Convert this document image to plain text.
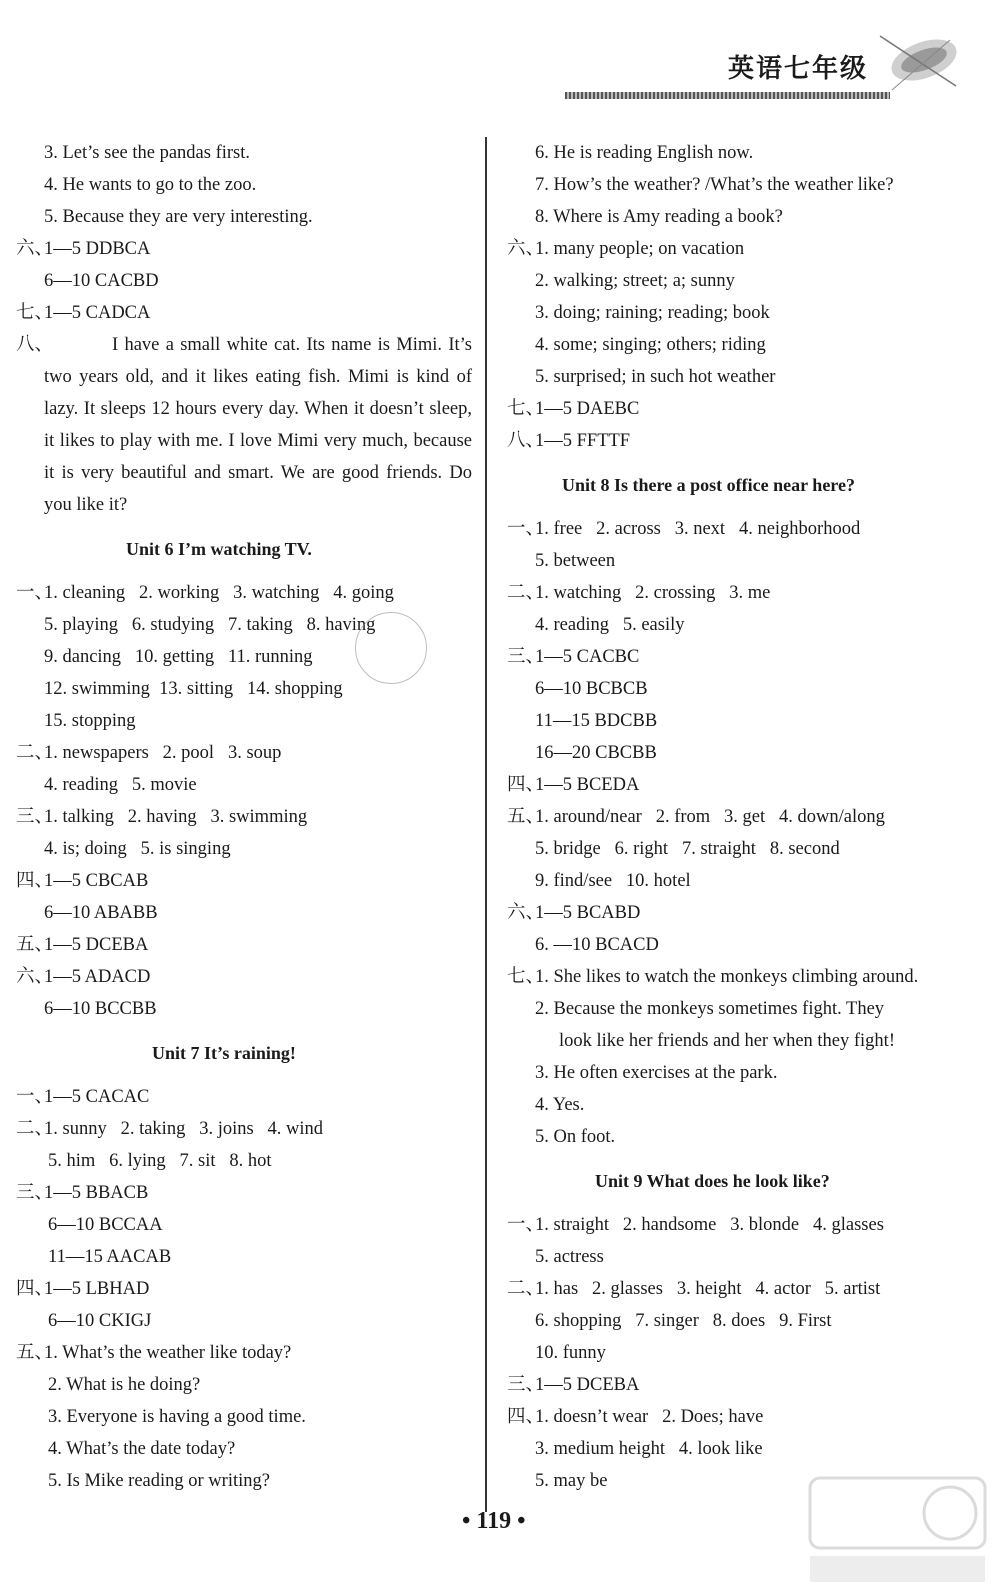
英语七年级
3. Let’s see the pandas first.
4. He wants to go to the zoo.
5. Because they are very interesting.
六、
1—5 DDBCA
6—10 CACBD
七、
1—5 CADCA
八、	I have a small white cat. Its name is Mimi. It’s two years old, and it likes eating fish. Mimi is kind of lazy. It sleeps 12 hours every day. When it doesn’t sleep, it likes to play with me. I love Mimi very much, because it is very beautiful and smart. We are good friends. Do you like it?
Unit 6 I’m watching TV.
一、
1. cleaning   2. working   3. watching   4. going
5. playing   6. studying   7. taking   8. having
9. dancing   10. getting   11. running
12. swimming  13. sitting   14. shopping
15. stopping
二、
1. newspapers   2. pool   3. soup
4. reading   5. movie
三、
1. talking   2. having   3. swimming
4. is; doing   5. is singing
四、
1—5 CBCAB
6—10 ABABB
五、
1—5 DCEBA
六、
1—5 ADACD
6—10 BCCBB
Unit 7 It’s raining!
一、
1—5 CACAC
二、
1. sunny   2. taking   3. joins   4. wind
5. him   6. lying   7. sit   8. hot
三、
1—5 BBACB
6—10 BCCAA
11—15 AACAB
四、
1—5 LBHAD
6—10 CKIGJ
五、
1. What’s the weather like today?
2. What is he doing?
3. Everyone is having a good time.
4. What’s the date today?
5. Is Mike reading or writing?
6. He is reading English now.
7. How’s the weather? /What’s the weather like?
8. Where is Amy reading a book?
六、
1. many people; on vacation
2. walking; street; a; sunny
3. doing; raining; reading; book
4. some; singing; others; riding
5. surprised; in such hot weather
七、
1—5 DAEBC
八、
1—5 FFTTF
Unit 8 Is there a post office near here?
一、
1. free   2. across   3. next   4. neighborhood
5. between
二、
1. watching   2. crossing   3. me
4. reading   5. easily
三、
1—5 CACBC
6—10 BCBCB
11—15 BDCBB
16—20 CBCBB
四、
1—5 BCEDA
五、
1. around/near   2. from   3. get   4. down/along
5. bridge   6. right   7. straight   8. second
9. find/see   10. hotel
六、
1—5 BCABD
6. —10 BCACD
七、
1. She likes to watch the monkeys climbing around.
2. Because the monkeys sometimes fight. They
look like her friends and her when they fight!
3. He often exercises at the park.
4. Yes.
5. On foot.
Unit 9 What does he look like?
一、
1. straight   2. handsome   3. blonde   4. glasses
5. actress
二、
1. has   2. glasses   3. height   4. actor   5. artist
6. shopping   7. singer   8. does   9. First
10. funny
三、
1—5 DCEBA
四、
1. doesn’t wear   2. Does; have
3. medium height   4. look like
5. may be
• 119 •
